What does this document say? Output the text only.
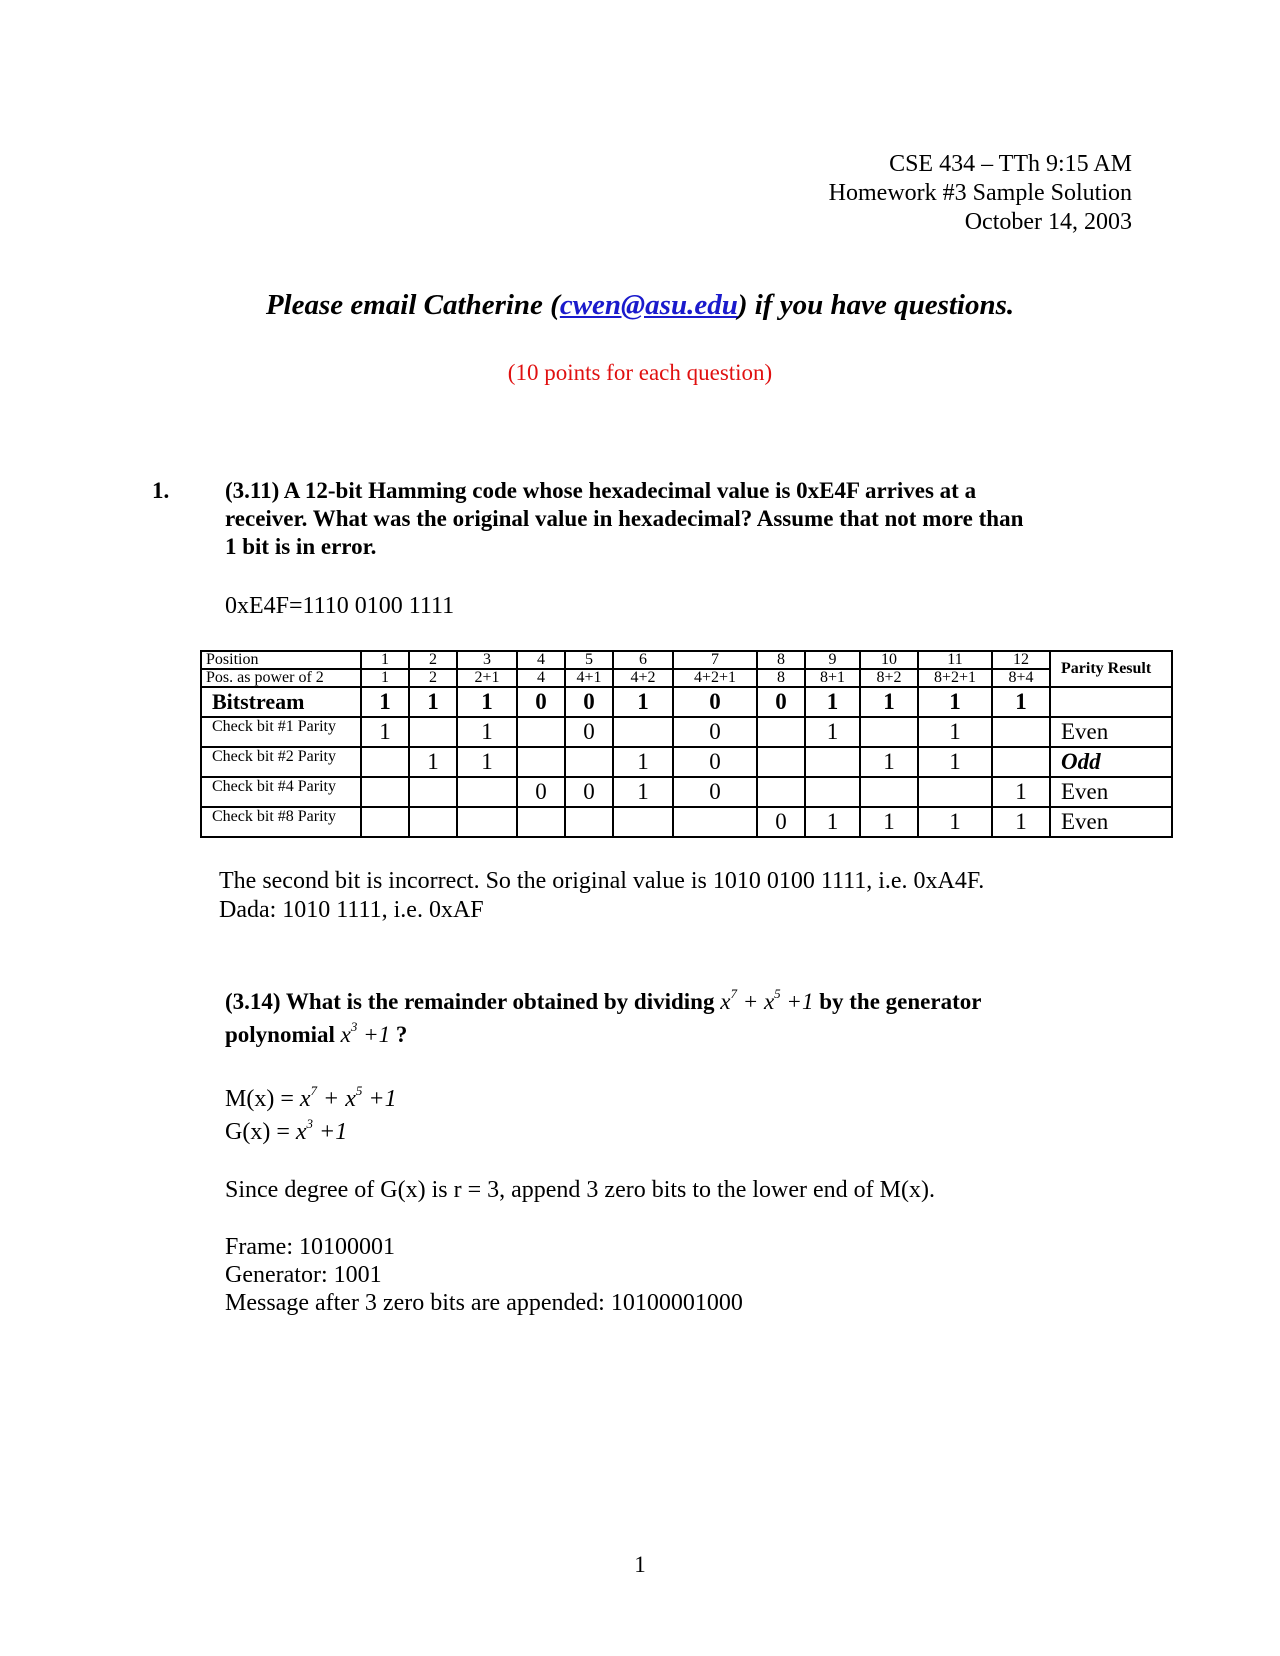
CSE 434 – TTh 9:15 AM
Homework #3 Sample Solution
October 14, 2003
Please email Catherine (cwen@asu.edu) if you have questions.
(10 points for each question)
1. (3.11) A 12-bit Hamming code whose hexadecimal value is 0xE4F arrives at a
receiver. What was the original value in hexadecimal? Assume that not more than
1 bit is in error.
0xE4F=1110 0100 1111
Position	1	2	3	4	5	6	7	8	9	10	11	12	Parity Result
Pos. as power of 2	1	2	2+1	4	4+1	4+2	4+2+1	8	8+1	8+2	8+2+1	8+4	
Bitstream	1	1	1	0	0	1	0	0	1	1	1	1	
Check bit #1 Parity	1		1		0		0		1		1		Even
Check bit #2 Parity		1	1			1	0			1	1		Odd
Check bit #4 Parity				0	0	1	0					1	Even
Check bit #8 Parity								0	1	1	1	1	Even
The second bit is incorrect. So the original value is 1010 0100 1111, i.e. 0xA4F.
Dada: 1010 1111, i.e. 0xAF
(3.14) What is the remainder obtained by dividing $x^7 + x^5 +1$ by the generator
polynomial $x^3 +1$ ?
$M(x) = x^7 + x^5 +1$
$G(x) = x^3 +1$
Since degree of G(x) is r = 3, append 3 zero bits to the lower end of M(x).
Frame: 10100001
Generator: 1001
Message after 3 zero bits are appended: 10100001000
1
